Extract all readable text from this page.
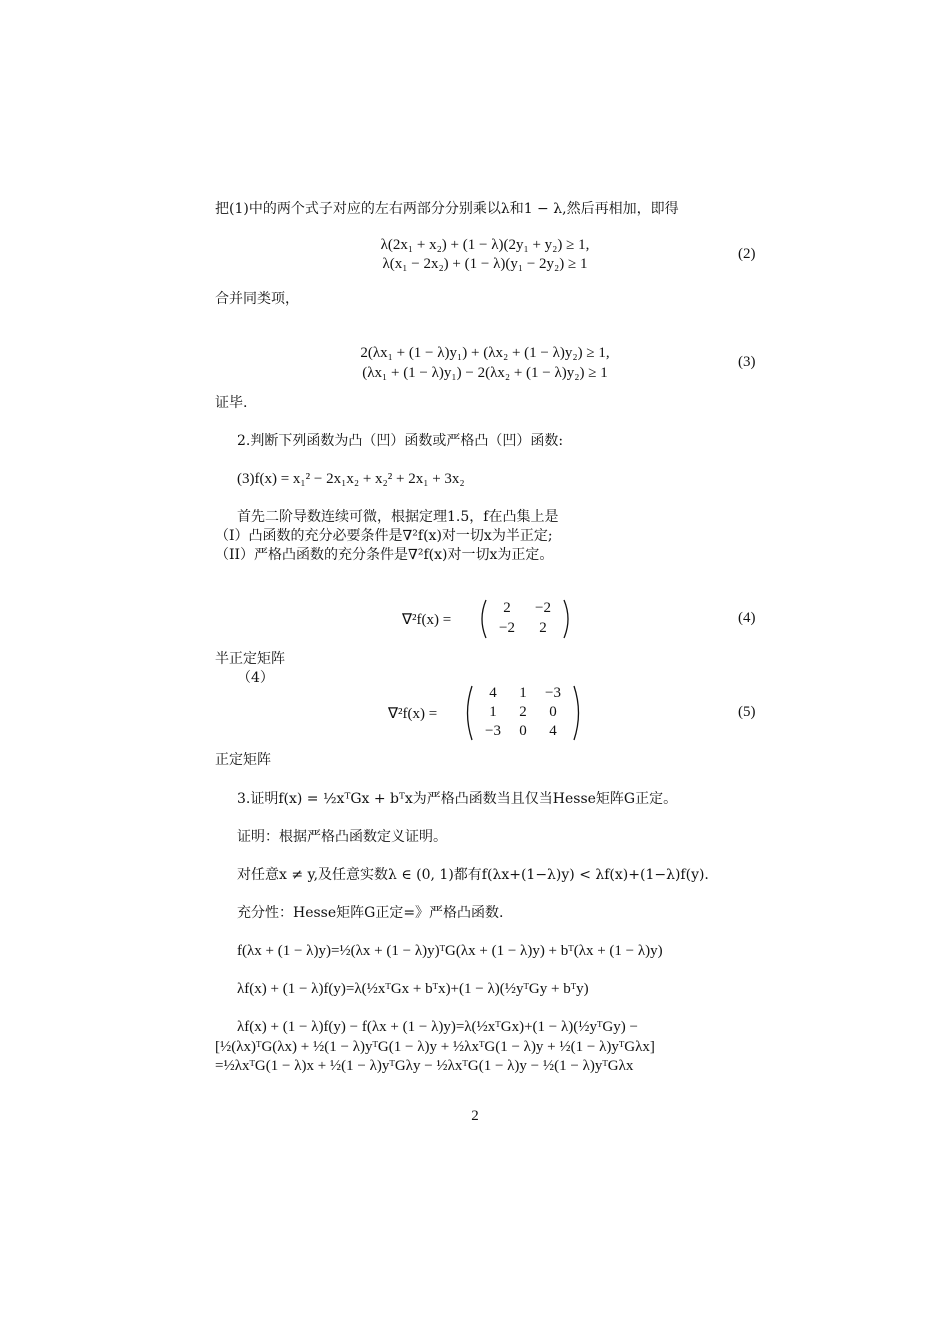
把(1)中的两个式子对应的左右两部分分别乘以λ和1 − λ,然后再相加，即得
λ(2x₁ + x₂) + (1 − λ)(2y₁ + y₂) ≥ 1,
λ(x₁ − 2x₂) + (1 − λ)(y₁ − 2y₂) ≥ 1
(2)
合并同类项，
2(λx₁ + (1 − λ)y₁) + (λx₂ + (1 − λ)y₂) ≥ 1,
(λx₁ + (1 − λ)y₁) − 2(λx₂ + (1 − λ)y₂) ≥ 1
(3)
证毕.
2.判断下列函数为凸（凹）函数或严格凸（凹）函数:
(3)f(x) = x₁² − 2x₁x₂ + x₂² + 2x₁ + 3x₂
首先二阶导数连续可微，根据定理1.5，f在凸集上是
（I）凸函数的充分必要条件是∇²f(x)对一切x为半正定;
（II）严格凸函数的充分条件是∇²f(x)对一切x为正定。
∇²f(x) =
2	−2
−2	2
(4)
半正定矩阵
（4）
∇²f(x) =
4	1	−3
1	2	0
−3	0	4
(5)
正定矩阵
3.证明f(x) = ½xᵀGx + bᵀx为严格凸函数当且仅当Hesse矩阵G正定。
证明：根据严格凸函数定义证明。
对任意x ≠ y,及任意实数λ ∈ (0, 1)都有f(λx+(1−λ)y) < λf(x)+(1−λ)f(y).
充分性：Hesse矩阵G正定=》严格凸函数.
f(λx + (1 − λ)y)=½(λx + (1 − λ)y)ᵀG(λx + (1 − λ)y) + bᵀ(λx + (1 − λ)y)
λf(x) + (1 − λ)f(y)=λ(½xᵀGx + bᵀx)+(1 − λ)(½yᵀGy + bᵀy)
λf(x) + (1 − λ)f(y) − f(λx + (1 − λ)y)=λ(½xᵀGx)+(1 − λ)(½yᵀGy) −
[½(λx)ᵀG(λx) + ½(1 − λ)yᵀG(1 − λ)y + ½λxᵀG(1 − λ)y + ½(1 − λ)yᵀGλx]
=½λxᵀG(1 − λ)x + ½(1 − λ)yᵀGλy − ½λxᵀG(1 − λ)y − ½(1 − λ)yᵀGλx
2
